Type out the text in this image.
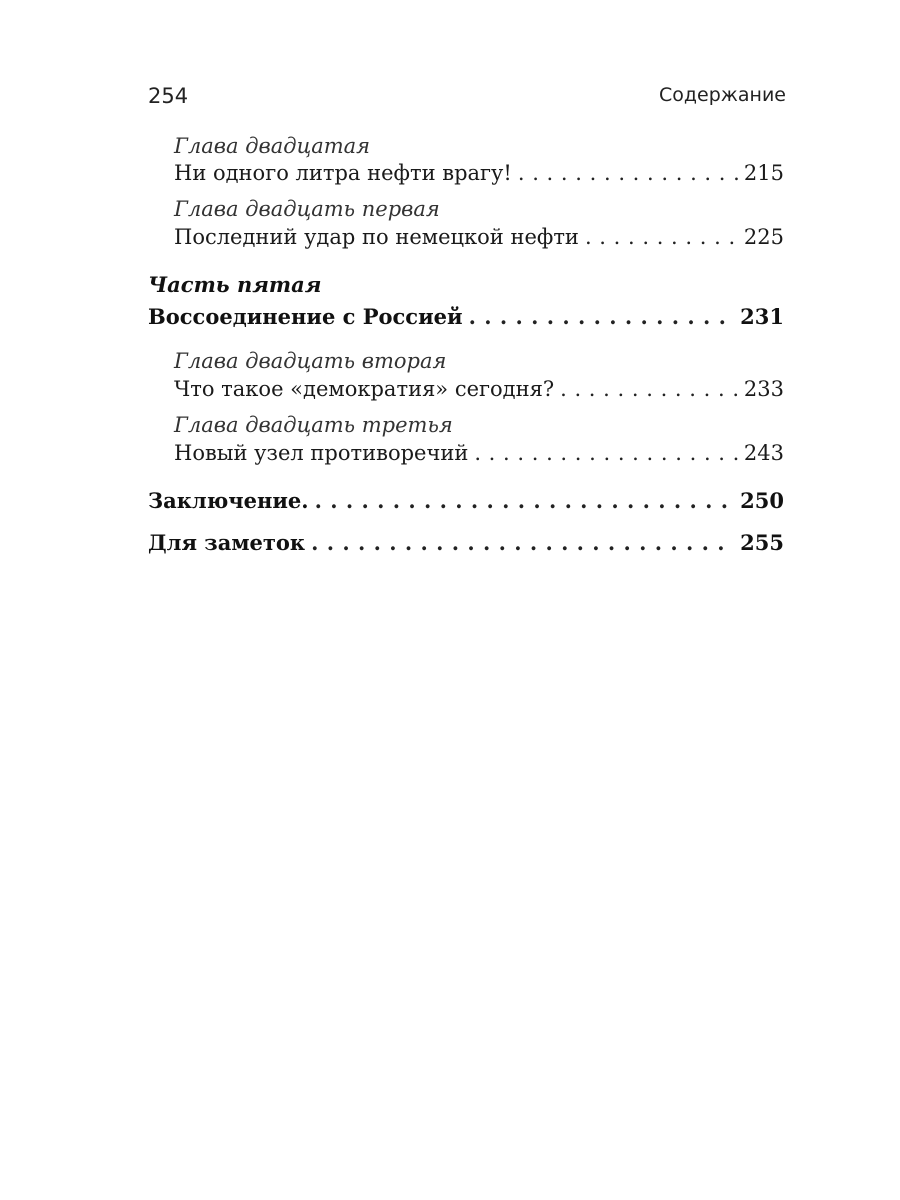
254	Содержание
Глава двадцатая
Ни одного литра нефти врагу! . . .	215
Глава двадцать первая
Последний удар по немецкой нефти . . .	225
Часть пятая
Воссоединение с Россией . . .	231
Глава двадцать вторая
Что такое «демократия» сегодня? . . .	233
Глава двадцать третья
Новый узел противоречий . . .	243
Заключение. . . .	250
Для заметок . . .	255
